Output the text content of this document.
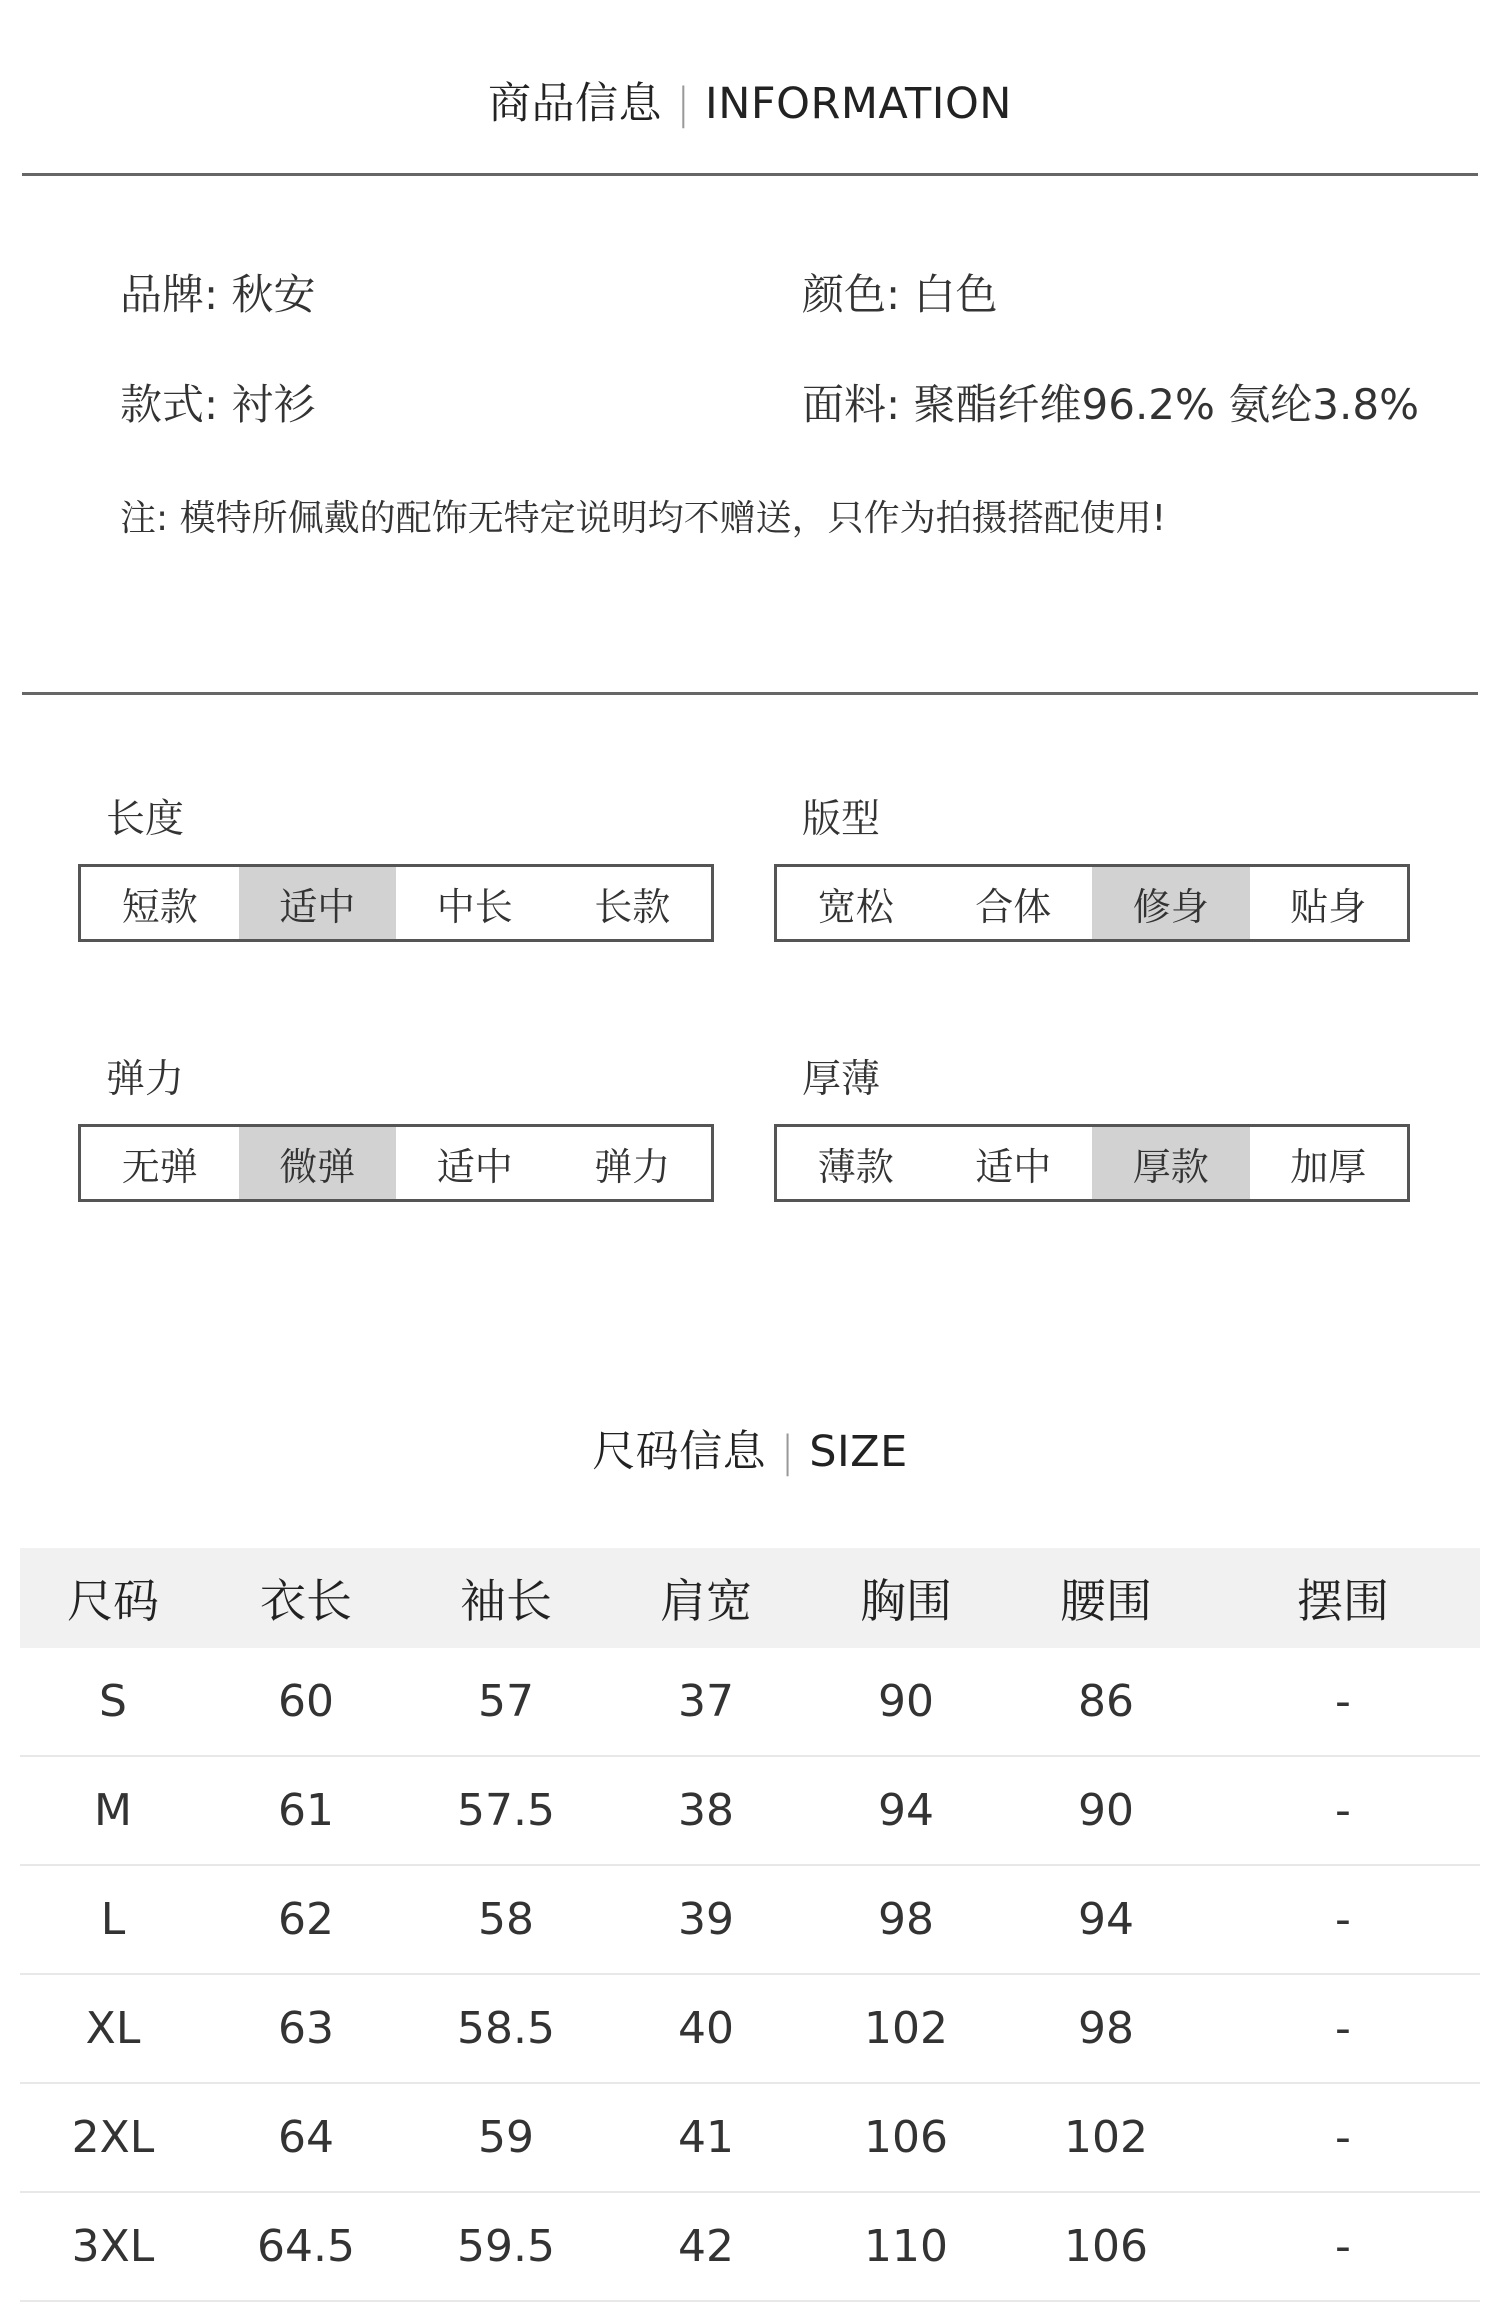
商品信息 | INFORMATION
品牌: 秋安	颜色: 白色
款式: 衬衫	面料: 聚酯纤维96.2% 氨纶3.8%
注: 模特所佩戴的配饰无特定说明均不赠送，只作为拍摄搭配使用!
长度
短款	适中	中长	长款
版型
宽松	合体	修身	贴身
弹力
无弹	微弹	适中	弹力
厚薄
薄款	适中	厚款	加厚
尺码信息 | SIZE
尺码	衣长	袖长	肩宽	胸围	腰围	摆围
S	60	57	37	90	86	-
M	61	57.5	38	94	90	-
L	62	58	39	98	94	-
XL	63	58.5	40	102	98	-
2XL	64	59	41	106	102	-
3XL	64.5	59.5	42	110	106	-
